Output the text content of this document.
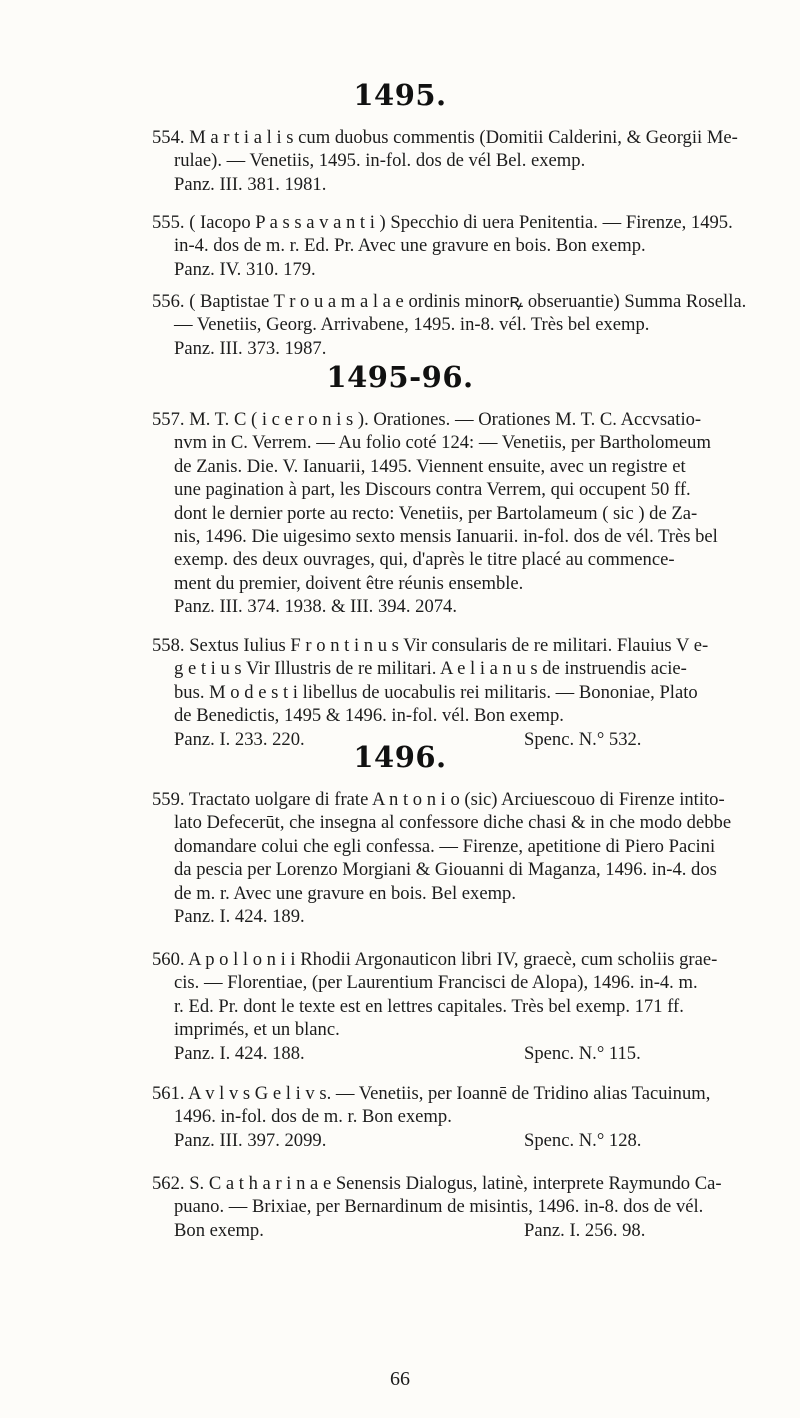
1495.
554. M a r t i a l i s cum duobus commentis (Domitii Calderini, & Georgii Me-
rulae). — Venetiis, 1495. in-fol. dos de vél Bel. exemp.
Panz. III. 381. 1981.
555. ( Iacopo P a s s a v a n t i ) Specchio di uera Penitentia. — Firenze, 1495.
in-4. dos de m. r. Ed. Pr. Avec une gravure en bois. Bon exemp.
Panz. IV. 310. 179.
556. ( Baptistae T r o u a m a l a e ordinis minorꝶ obseruantie) Summa Rosella.
— Venetiis, Georg. Arrivabene, 1495. in-8. vél. Très bel exemp.
Panz. III. 373. 1987.
1495-96.
557. M. T. C ( i c e r o n i s ). Orationes. — Orationes M. T. C. Accvsatio-
nvm in C. Verrem. — Au folio coté 124: — Venetiis, per Bartholomeum
de Zanis. Die. V. Ianuarii, 1495. Viennent ensuite, avec un registre et
une pagination à part, les Discours contra Verrem, qui occupent 50 ff.
dont le dernier porte au recto: Venetiis, per Bartolameum ( sic ) de Za-
nis, 1496. Die uigesimo sexto mensis Ianuarii. in-fol. dos de vél. Très bel
exemp. des deux ouvrages, qui, d'après le titre placé au commence-
ment du premier, doivent être réunis ensemble.
Panz. III. 374. 1938. & III. 394. 2074.
558. Sextus Iulius F r o n t i n u s Vir consularis de re militari. Flauius V e-
g e t i u s Vir Illustris de re militari. A e l i a n u s de instruendis acie-
bus. M o d e s t i libellus de uocabulis rei militaris. — Bononiae, Plato
de Benedictis, 1495 & 1496. in-fol. vél. Bon exemp.
Panz. I. 233. 220.	Spenc. N.° 532.
1496.
559. Tractato uolgare di frate A n t o n i o (sic) Arciuescouo di Firenze intito-
lato Defecerūt, che insegna al confessore diche chasi & in che modo debbe
domandare colui che egli confessa. — Firenze, apetitione di Piero Pacini
da pescia per Lorenzo Morgiani & Giouanni di Maganza, 1496. in-4. dos
de m. r. Avec une gravure en bois. Bel exemp.
Panz. I. 424. 189.
560. A p o l l o n i i Rhodii Argonauticon libri IV, graecè, cum scholiis grae-
cis. — Florentiae, (per Laurentium Francisci de Alopa), 1496. in-4. m.
r. Ed. Pr. dont le texte est en lettres capitales. Très bel exemp. 171 ff.
imprimés, et un blanc.
Panz. I. 424. 188.	Spenc. N.° 115.
561. A v l v s G e l i v s. — Venetiis, per Ioannē de Tridino alias Tacuinum,
1496. in-fol. dos de m. r. Bon exemp.
Panz. III. 397. 2099.	Spenc. N.° 128.
562. S. C a t h a r i n a e Senensis Dialogus, latinè, interprete Raymundo Ca-
puano. — Brixiae, per Bernardinum de misintis, 1496. in-8. dos de vél.
Bon exemp.	Panz. I. 256. 98.
66
